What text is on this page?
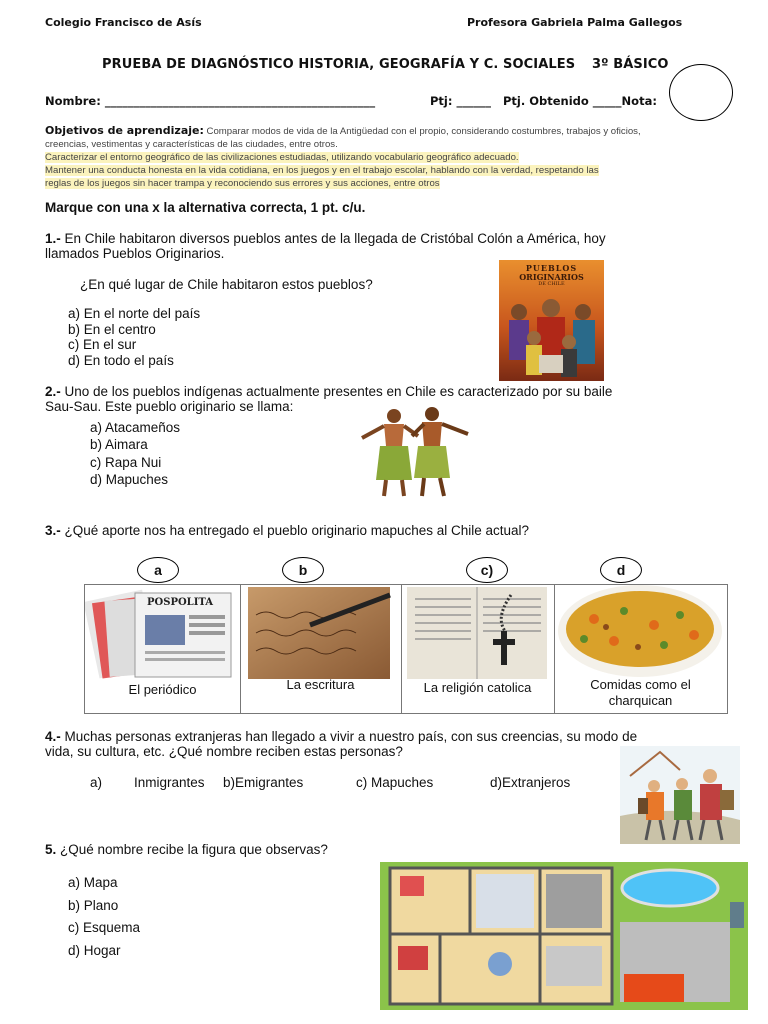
Colegio Francisco de Asís	Profesora Gabriela Palma Gallegos
PRUEBA DE DIAGNÓSTICO HISTORIA, GEOGRAFÍA Y C. SOCIALES 3º BÁSICO
Nombre: _______________________________________________	Ptj: ______ Ptj. Obtenido _____Nota:
Objetivos de aprendizaje: Comparar modos de vida de la Antigüedad con el propio, considerando costumbres, trabajos y oficios,
creencias, vestimentas y características de las ciudades, entre otros.
Caracterizar el entorno geográfico de las civilizaciones estudiadas, utilizando vocabulario geográfico adecuado.
Mantener una conducta honesta en la vida cotidiana, en los juegos y en el trabajo escolar, hablando con la verdad, respetando las
reglas de los juegos sin hacer trampa y reconociendo sus errores y sus acciones, entre otros
Marque con una x la alternativa correcta, 1 pt. c/u.
1.- En Chile habitaron diversos pueblos antes de la llegada de Cristóbal Colón a América, hoy
llamados Pueblos Originarios.
¿En qué lugar de Chile habitaron estos pueblos?
a) En el norte del país
b) En el centro
c) En el sur
d) En todo el país
PUEBLOS
ORIGINARIOS
DE CHILE
2.- Uno de los pueblos indígenas actualmente presentes en Chile es caracterizado por su baile
Sau-Sau. Este pueblo originario se llama:
a) Atacameños
b) Aimara
c) Rapa Nui
d) Mapuches
3.- ¿Qué aporte nos ha entregado el pueblo originario mapuches al Chile actual?
a	b	c)	d
POSPOLITA
El periódico	La escritura	La religión catolica	Comidas como el charquican
4.- Muchas personas extranjeras han llegado a vivir a nuestro país, con sus creencias, su modo de
vida, su cultura, etc. ¿Qué nombre reciben estas personas?
a) Inmigrantes b)Emigrantes	c) Mapuches	d)Extranjeros
5. ¿Qué nombre recibe la figura que observas?
a) Mapa
b) Plano
c) Esquema
d) Hogar
